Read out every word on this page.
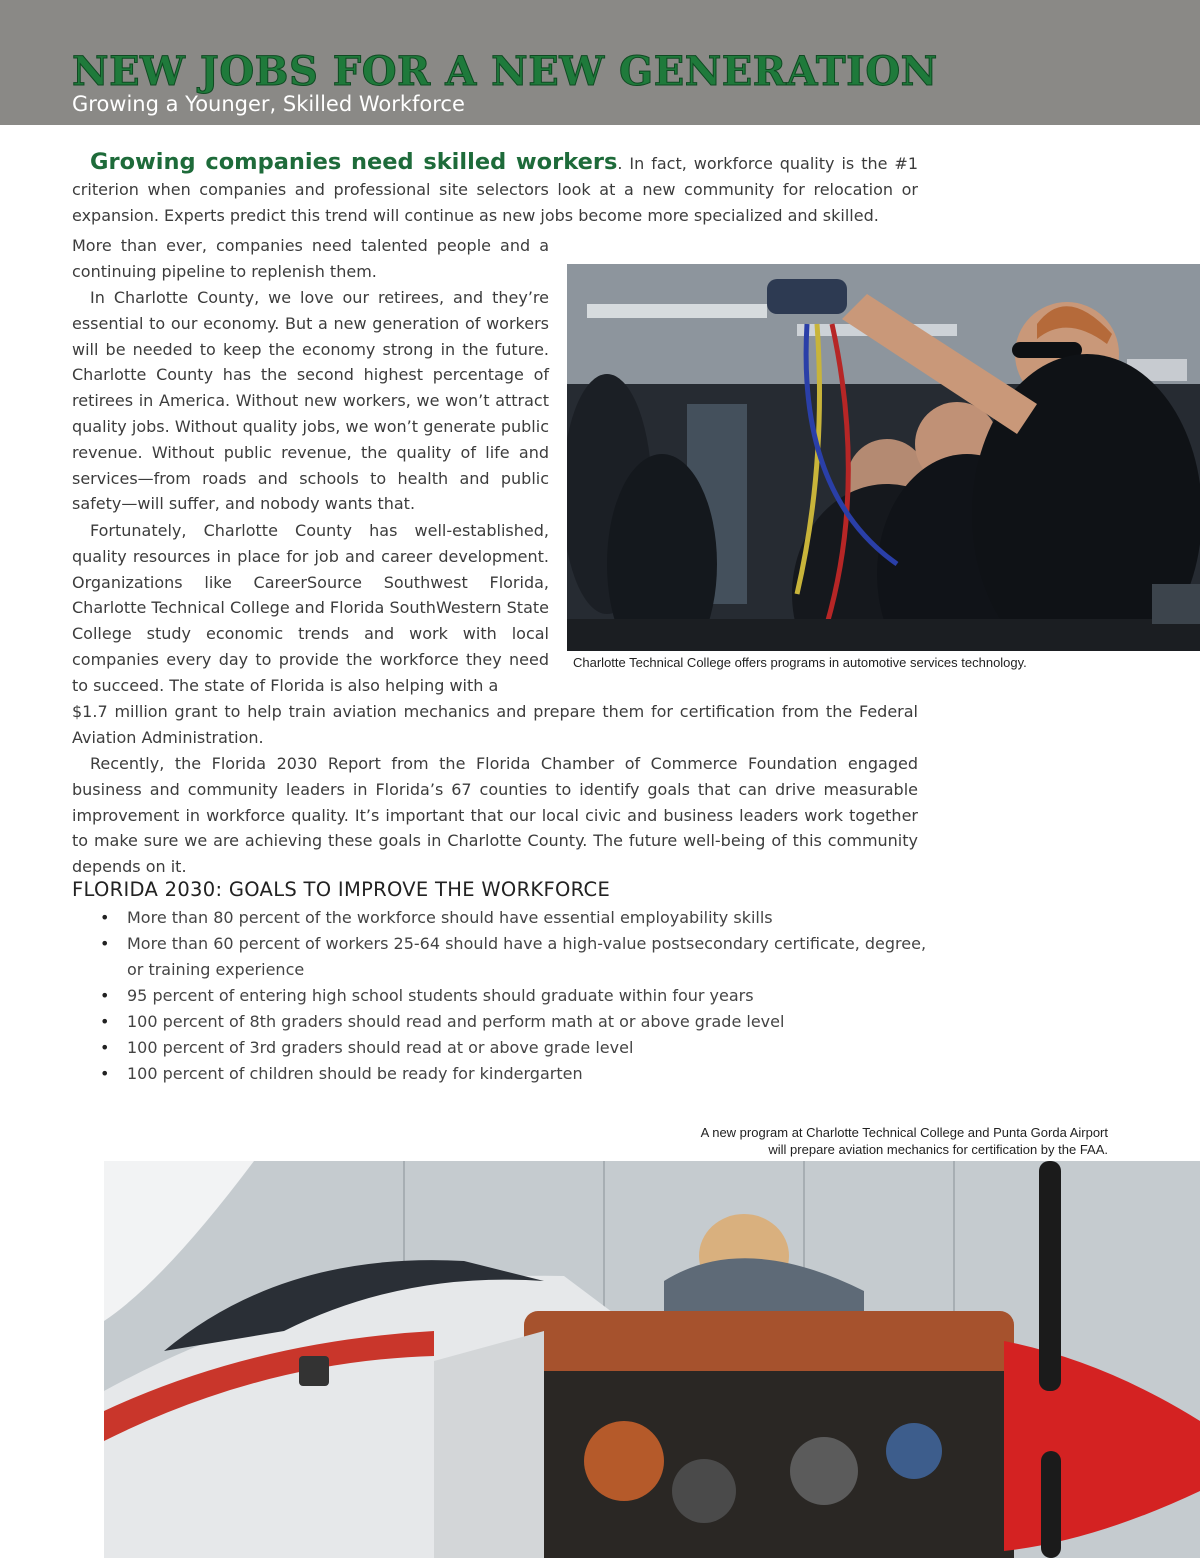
NEW JOBS FOR A NEW GENERATION
Growing a Younger, Skilled Workforce

Growing companies need skilled workers. In fact, workforce quality is the #1 criterion when companies and professional site selectors look at a new community for relocation or expansion. Experts predict this trend will continue as new jobs become more specialized and skilled.

More than ever, companies need talented people and a continuing pipeline to replenish them.

In Charlotte County, we love our retirees, and they’re essential to our economy. But a new generation of workers will be needed to keep the economy strong in the future. Charlotte County has the second highest percentage of retirees in America. Without new workers, we won’t attract quality jobs. Without quality jobs, we won’t generate public revenue. Without public revenue, the quality of life and services—from roads and schools to health and public safety—will suffer, and nobody wants that.

Fortunately, Charlotte County has well-established, quality resources in place for job and career development. Organizations like CareerSource Southwest Florida, Charlotte Technical College and Florida SouthWestern State College study economic trends and work with local companies every day to provide the workforce they need to succeed. The state of Florida is also helping with a

$1.7 million grant to help train aviation mechanics and prepare them for certification from the Federal Aviation Administration.

Recently, the Florida 2030 Report from the Florida Chamber of Commerce Foundation engaged business and community leaders in Florida’s 67 counties to identify goals that can drive measurable improvement in workforce quality. It’s important that our local civic and business leaders work together to make sure we are achieving these goals in Charlotte County. The future well-being of this community depends on it.

Charlotte Technical College offers programs in automotive services technology.
FLORIDA 2030: GOALS TO IMPROVE THE WORKFORCE
• More than 80 percent of the workforce should have essential employability skills
• More than 60 percent of workers 25-64 should have a high-value postsecondary certificate, degree, or training experience
• 95 percent of entering high school students should graduate within four years
• 100 percent of 8th graders should read and perform math at or above grade level
• 100 percent of 3rd graders should read at or above grade level
• 100 percent of children should be ready for kindergarten
A new program at Charlotte Technical College and Punta Gorda Airport
will prepare aviation mechanics for certification by the FAA.
